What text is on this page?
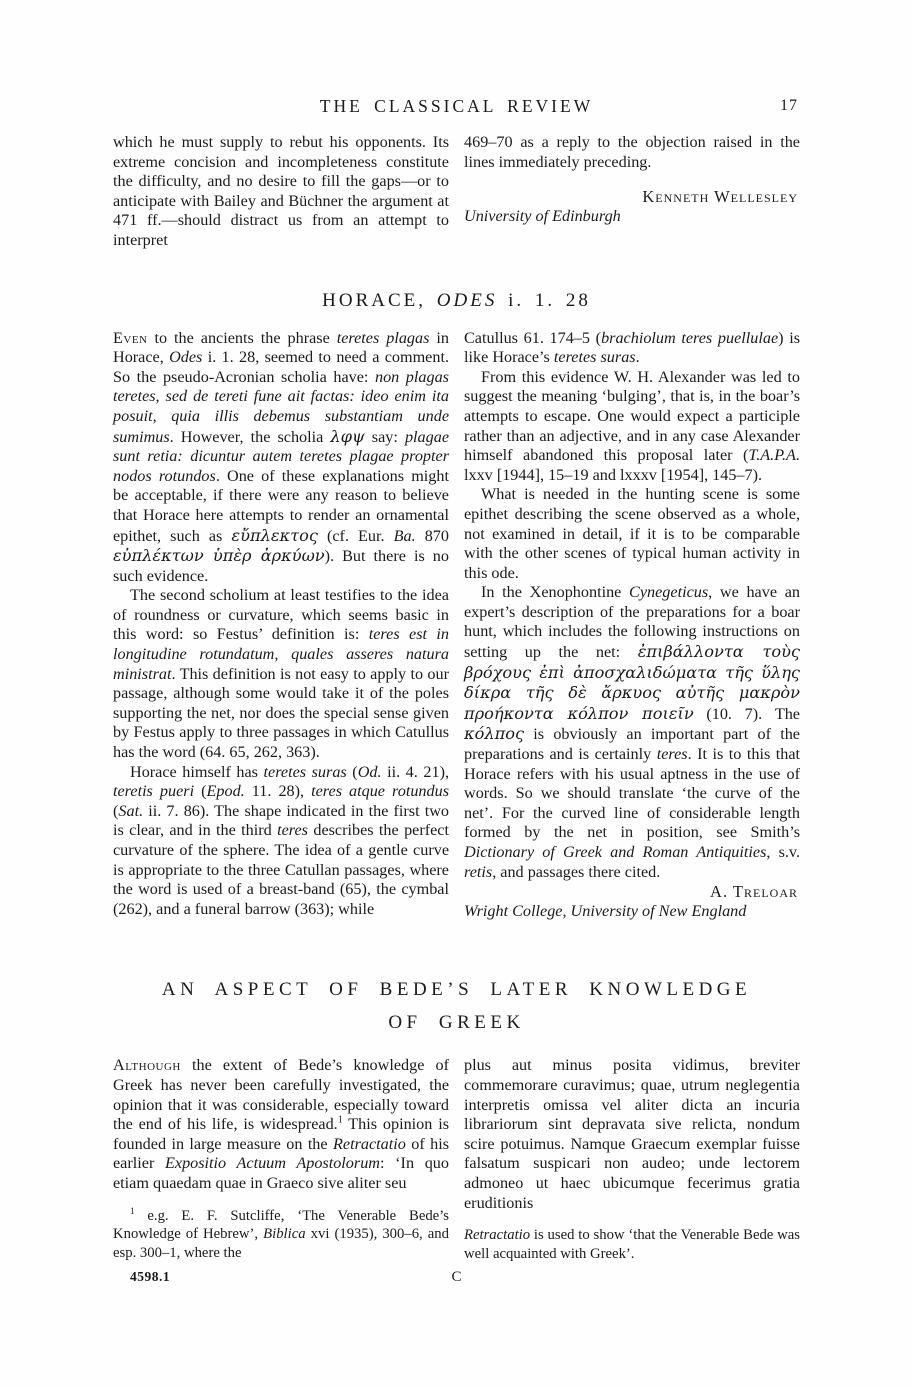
THE CLASSICAL REVIEW	17

which he must supply to rebut his opponents. Its extreme concision and incompleteness constitute the difficulty, and no desire to fill the gaps—or to anticipate with Bailey and Büchner the argument at 471 ff.—should distract us from an attempt to interpret

469–70 as a reply to the objection raised in the lines immediately preceding.

Kenneth Wellesley

University of Edinburgh

HORACE, ODES i. 1. 28

Even to the ancients the phrase teretes plagas in Horace, Odes i. 1. 28, seemed to need a comment. So the pseudo-Acronian scholia have: non plagas teretes, sed de tereti fune ait factas: ideo enim ita posuit, quia illis debemus substantiam unde sumimus. However, the scholia λφψ say: plagae sunt retia: dicuntur autem teretes plagae propter nodos rotundos. One of these explanations might be acceptable, if there were any reason to believe that Horace here attempts to render an ornamental epithet, such as εὔπλεκτος (cf. Eur. Ba. 870 εὐπλέκτων ὑπὲρ ἀρκύων). But there is no such evidence.

The second scholium at least testifies to the idea of roundness or curvature, which seems basic in this word: so Festus’ definition is: teres est in longitudine rotundatum, quales asseres natura ministrat. This definition is not easy to apply to our passage, although some would take it of the poles supporting the net, nor does the special sense given by Festus apply to three passages in which Catullus has the word (64. 65, 262, 363).

Horace himself has teretes suras (Od. ii. 4. 21), teretis pueri (Epod. 11. 28), teres atque rotundus (Sat. ii. 7. 86). The shape indicated in the first two is clear, and in the third teres describes the perfect curvature of the sphere. The idea of a gentle curve is appropriate to the three Catullan passages, where the word is used of a breast-band (65), the cymbal (262), and a funeral barrow (363); while

Catullus 61. 174–5 (brachiolum teres puellulae) is like Horace’s teretes suras.

From this evidence W. H. Alexander was led to suggest the meaning ‘bulging’, that is, in the boar’s attempts to escape. One would expect a participle rather than an adjective, and in any case Alexander himself abandoned this proposal later (T.A.P.A. lxxv [1944], 15–19 and lxxxv [1954], 145–7).

What is needed in the hunting scene is some epithet describing the scene observed as a whole, not examined in detail, if it is to be comparable with the other scenes of typical human activity in this ode.

In the Xenophontine Cynegeticus, we have an expert’s description of the preparations for a boar hunt, which includes the following instructions on setting up the net: ἐπιβάλλοντα τοὺς βρόχους ἐπὶ ἀποσχαλιδώματα τῆς ὕλης δίκρα τῆς δὲ ἄρκυος αὐτῆς μακρὸν προήκοντα κόλπον ποιεῖν (10. 7). The κόλπος is obviously an important part of the preparations and is certainly teres. It is to this that Horace refers with his usual aptness in the use of words. So we should translate ‘the curve of the net’. For the curved line of considerable length formed by the net in position, see Smith’s Dictionary of Greek and Roman Antiquities, s.v. retis, and passages there cited.

A. Treloar

Wright College, University of New England

AN ASPECT OF BEDE’S LATER KNOWLEDGE
OF GREEK

Although the extent of Bede’s knowledge of Greek has never been carefully investigated, the opinion that it was considerable, especially toward the end of his life, is widespread.$^1$ This opinion is founded in large measure on the Retractatio of his earlier Expositio Actuum Apostolorum: ‘In quo etiam quaedam quae in Graeco sive aliter seu

$^1$ e.g. E. F. Sutcliffe, ‘The Venerable Bede’s Knowledge of Hebrew’, Biblica xvi (1935), 300–6, and esp. 300–1, where the

plus aut minus posita vidimus, breviter commemorare curavimus; quae, utrum neglegentia interpretis omissa vel aliter dicta an incuria librariorum sint depravata sive relicta, nondum scire potuimus. Namque Graecum exemplar fuisse falsatum suspicari non audeo; unde lectorem admoneo ut haec ubicumque fecerimus gratia eruditionis

Retractatio is used to show ‘that the Venerable Bede was well acquainted with Greek’.

4598.1	C
